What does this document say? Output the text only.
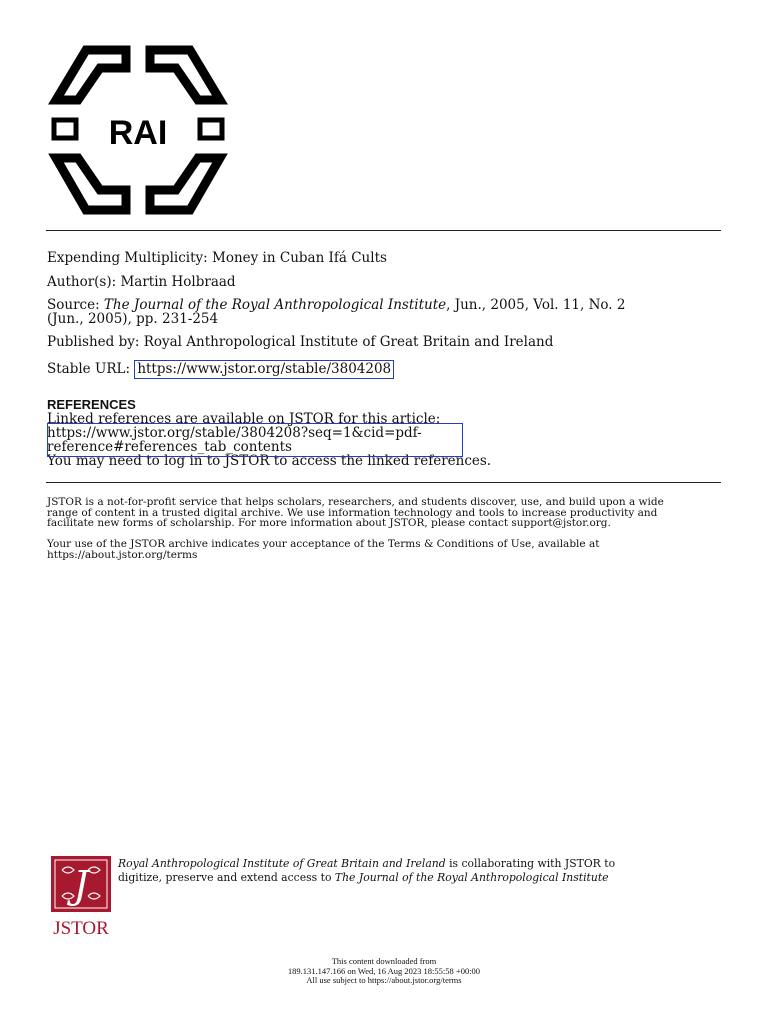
RAI
Expending Multiplicity: Money in Cuban Ifá Cults
Author(s): Martin Holbraad
Source: The Journal of the Royal Anthropological Institute, Jun., 2005, Vol. 11, No. 2
(Jun., 2005), pp. 231-254
Published by: Royal Anthropological Institute of Great Britain and Ireland
Stable URL: https://www.jstor.org/stable/3804208
REFERENCES
Linked references are available on JSTOR for this article:
https://www.jstor.org/stable/3804208?seq=1&cid=pdf-
reference#references_tab_contents
You may need to log in to JSTOR to access the linked references.
JSTOR is a not-for-profit service that helps scholars, researchers, and students discover, use, and build upon a wide
range of content in a trusted digital archive. We use information technology and tools to increase productivity and
facilitate new forms of scholarship. For more information about JSTOR, please contact support@jstor.org.
Your use of the JSTOR archive indicates your acceptance of the Terms & Conditions of Use, available at
https://about.jstor.org/terms
J
JSTOR
Royal Anthropological Institute of Great Britain and Ireland is collaborating with JSTOR to
digitize, preserve and extend access to The Journal of the Royal Anthropological Institute
This content downloaded from
189.131.147.166 on Wed, 16 Aug 2023 18:55:58 +00:00
All use subject to https://about.jstor.org/terms
